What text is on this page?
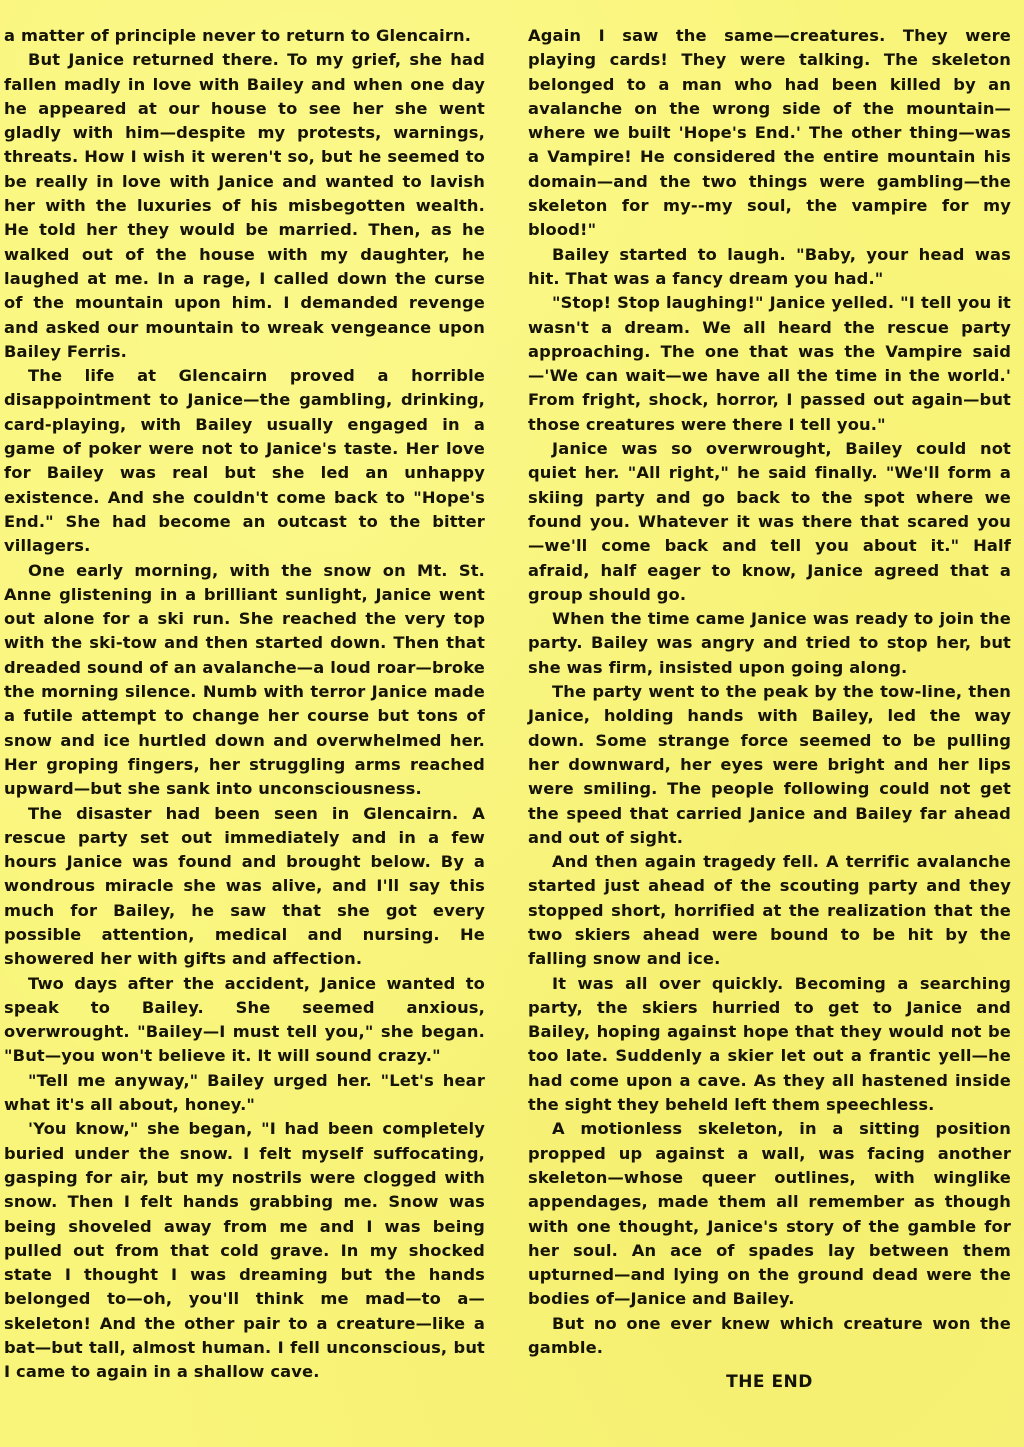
a matter of principle never to return to Glencairn.

But Janice returned there. To my grief, she had fallen madly in love with Bailey and when one day he appeared at our house to see her she went gladly with him—despite my protests, warnings, threats. How I wish it weren't so, but he seemed to be really in love with Janice and wanted to lavish her with the luxuries of his misbegotten wealth. He told her they would be married. Then, as he walked out of the house with my daughter, he laughed at me. In a rage, I called down the curse of the mountain upon him. I demanded revenge and asked our mountain to wreak vengeance upon Bailey Ferris.

The life at Glencairn proved a horrible disappointment to Janice—the gambling, drinking, card-playing, with Bailey usually engaged in a game of poker were not to Janice's taste. Her love for Bailey was real but she led an unhappy existence. And she couldn't come back to "Hope's End." She had become an outcast to the bitter villagers.

One early morning, with the snow on Mt. St. Anne glistening in a brilliant sunlight, Janice went out alone for a ski run. She reached the very top with the ski-tow and then started down. Then that dreaded sound of an avalanche—a loud roar—broke the morning silence. Numb with terror Janice made a futile attempt to change her course but tons of snow and ice hurtled down and overwhelmed her. Her groping fingers, her struggling arms reached upward—but she sank into unconsciousness.

The disaster had been seen in Glencairn. A rescue party set out immediately and in a few hours Janice was found and brought below. By a wondrous miracle she was alive, and I'll say this much for Bailey, he saw that she got every possible attention, medical and nursing. He showered her with gifts and affection.

Two days after the accident, Janice wanted to speak to Bailey. She seemed anxious, overwrought. "Bailey—I must tell you," she began. "But—you won't believe it. It will sound crazy."

"Tell me anyway," Bailey urged her. "Let's hear what it's all about, honey."

'You know," she began, "I had been completely buried under the snow. I felt myself suffocating, gasping for air, but my nostrils were clogged with snow. Then I felt hands grabbing me. Snow was being shoveled away from me and I was being pulled out from that cold grave. In my shocked state I thought I was dreaming but the hands belonged to—oh, you'll think me mad—to a—skeleton! And the other pair to a creature—like a bat—but tall, almost human. I fell unconscious, but I came to again in a shallow cave.

Again I saw the same—creatures. They were playing cards! They were talking. The skeleton belonged to a man who had been killed by an avalanche on the wrong side of the mountain—where we built 'Hope's End.' The other thing—was a Vampire! He considered the entire mountain his domain—and the two things were gambling—the skeleton for my--my soul, the vampire for my blood!"

Bailey started to laugh. "Baby, your head was hit. That was a fancy dream you had."

"Stop! Stop laughing!" Janice yelled. "I tell you it wasn't a dream. We all heard the rescue party approaching. The one that was the Vampire said—'We can wait—we have all the time in the world.' From fright, shock, horror, I passed out again—but those creatures were there I tell you."

Janice was so overwrought, Bailey could not quiet her. "All right," he said finally. "We'll form a skiing party and go back to the spot where we found you. Whatever it was there that scared you —we'll come back and tell you about it." Half afraid, half eager to know, Janice agreed that a group should go.

When the time came Janice was ready to join the party. Bailey was angry and tried to stop her, but she was firm, insisted upon going along.

The party went to the peak by the tow-line, then Janice, holding hands with Bailey, led the way down. Some strange force seemed to be pulling her downward, her eyes were bright and her lips were smiling. The people following could not get the speed that carried Janice and Bailey far ahead and out of sight.

And then again tragedy fell. A terrific avalanche started just ahead of the scouting party and they stopped short, horrified at the realization that the two skiers ahead were bound to be hit by the falling snow and ice.

It was all over quickly. Becoming a searching party, the skiers hurried to get to Janice and Bailey, hoping against hope that they would not be too late. Suddenly a skier let out a frantic yell—he had come upon a cave. As they all hastened inside the sight they beheld left them speechless.

A motionless skeleton, in a sitting position propped up against a wall, was facing another skeleton—whose queer outlines, with winglike appendages, made them all remember as though with one thought, Janice's story of the gamble for her soul. An ace of spades lay between them upturned—and lying on the ground dead were the bodies of—Janice and Bailey.

But no one ever knew which creature won the gamble.

THE END
